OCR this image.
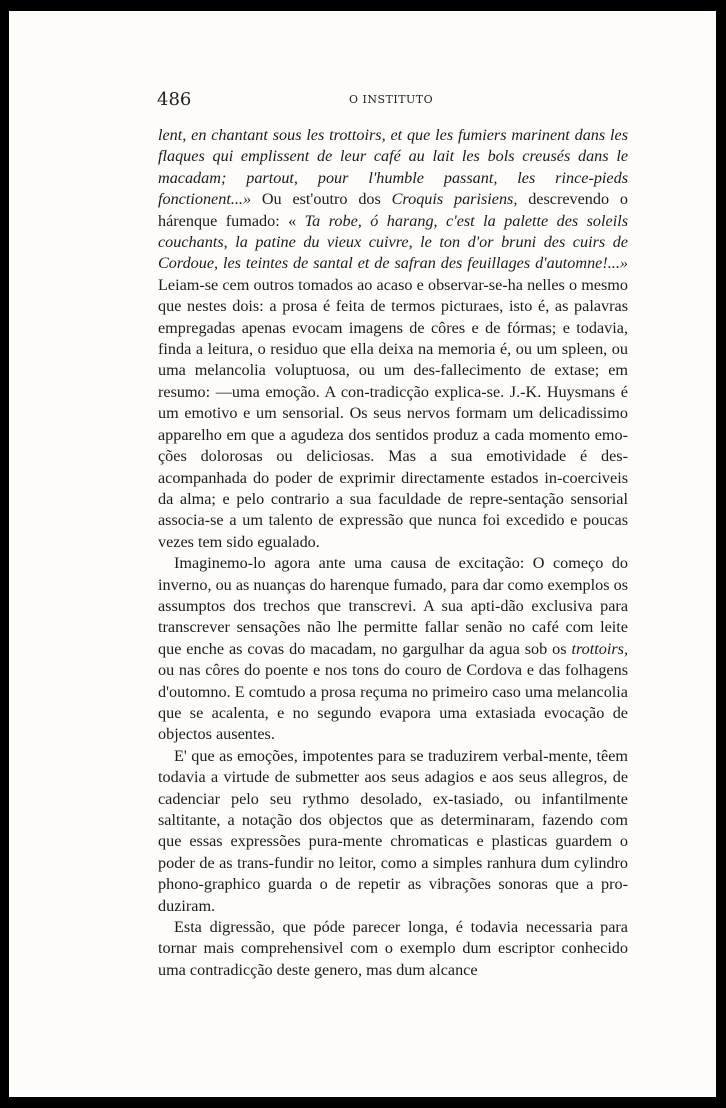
486	O INSTITUTO

lent, en chantant sous les trottoirs, et que les fumiers marinent dans les flaques qui emplissent de leur café au lait les bols creusés dans le macadam; partout, pour l'humble passant, les rince-pieds fonctionent...» Ou est'outro dos Croquis parisiens, descrevendo o hárenque fumado: « Ta robe, ó harang, c'est la palette des soleils couchants, la patine du vieux cuivre, le ton d'or bruni des cuirs de Cordoue, les teintes de santal et de safran des feuillages d'automne!...» Leiam-se cem outros tomados ao acaso e observar-se-ha nelles o mesmo que nestes dois: a prosa é feita de termos picturaes, isto é, as palavras empregadas apenas evocam imagens de côres e de fórmas; e todavia, finda a leitura, o residuo que ella deixa na memoria é, ou um spleen, ou uma melancolia voluptuosa, ou um des-fallecimento de extase; em resumo: —uma emoção. A con-tradicção explica-se. J.-K. Huysmans é um emotivo e um sensorial. Os seus nervos formam um delicadissimo apparelho em que a agudeza dos sentidos produz a cada momento emo-ções dolorosas ou deliciosas. Mas a sua emotividade é des-acompanhada do poder de exprimir directamente estados in-coerciveis da alma; e pelo contrario a sua faculdade de repre-sentação sensorial associa-se a um talento de expressão que nunca foi excedido e poucas vezes tem sido egualado.

Imaginemo-lo agora ante uma causa de excitação: O começo do inverno, ou as nuanças do harenque fumado, para dar como exemplos os assumptos dos trechos que transcrevi. A sua apti-dão exclusiva para transcrever sensações não lhe permitte fallar senão no café com leite que enche as covas do macadam, no gargulhar da agua sob os trottoirs, ou nas côres do poente e nos tons do couro de Cordova e das folhagens d'outomno. E comtudo a prosa reçuma no primeiro caso uma melancolia que se acalenta, e no segundo evapora uma extasiada evocação de objectos ausentes.

E' que as emoções, impotentes para se traduzirem verbal-mente, têem todavia a virtude de submetter aos seus adagios e aos seus allegros, de cadenciar pelo seu rythmo desolado, ex-tasiado, ou infantilmente saltitante, a notação dos objectos que as determinaram, fazendo com que essas expressões pura-mente chromaticas e plasticas guardem o poder de as trans-fundir no leitor, como a simples ranhura dum cylindro phono-graphico guarda o de repetir as vibrações sonoras que a pro-duziram.

Esta digressão, que póde parecer longa, é todavia necessaria para tornar mais comprehensivel com o exemplo dum escriptor conhecido uma contradicção deste genero, mas dum alcance
